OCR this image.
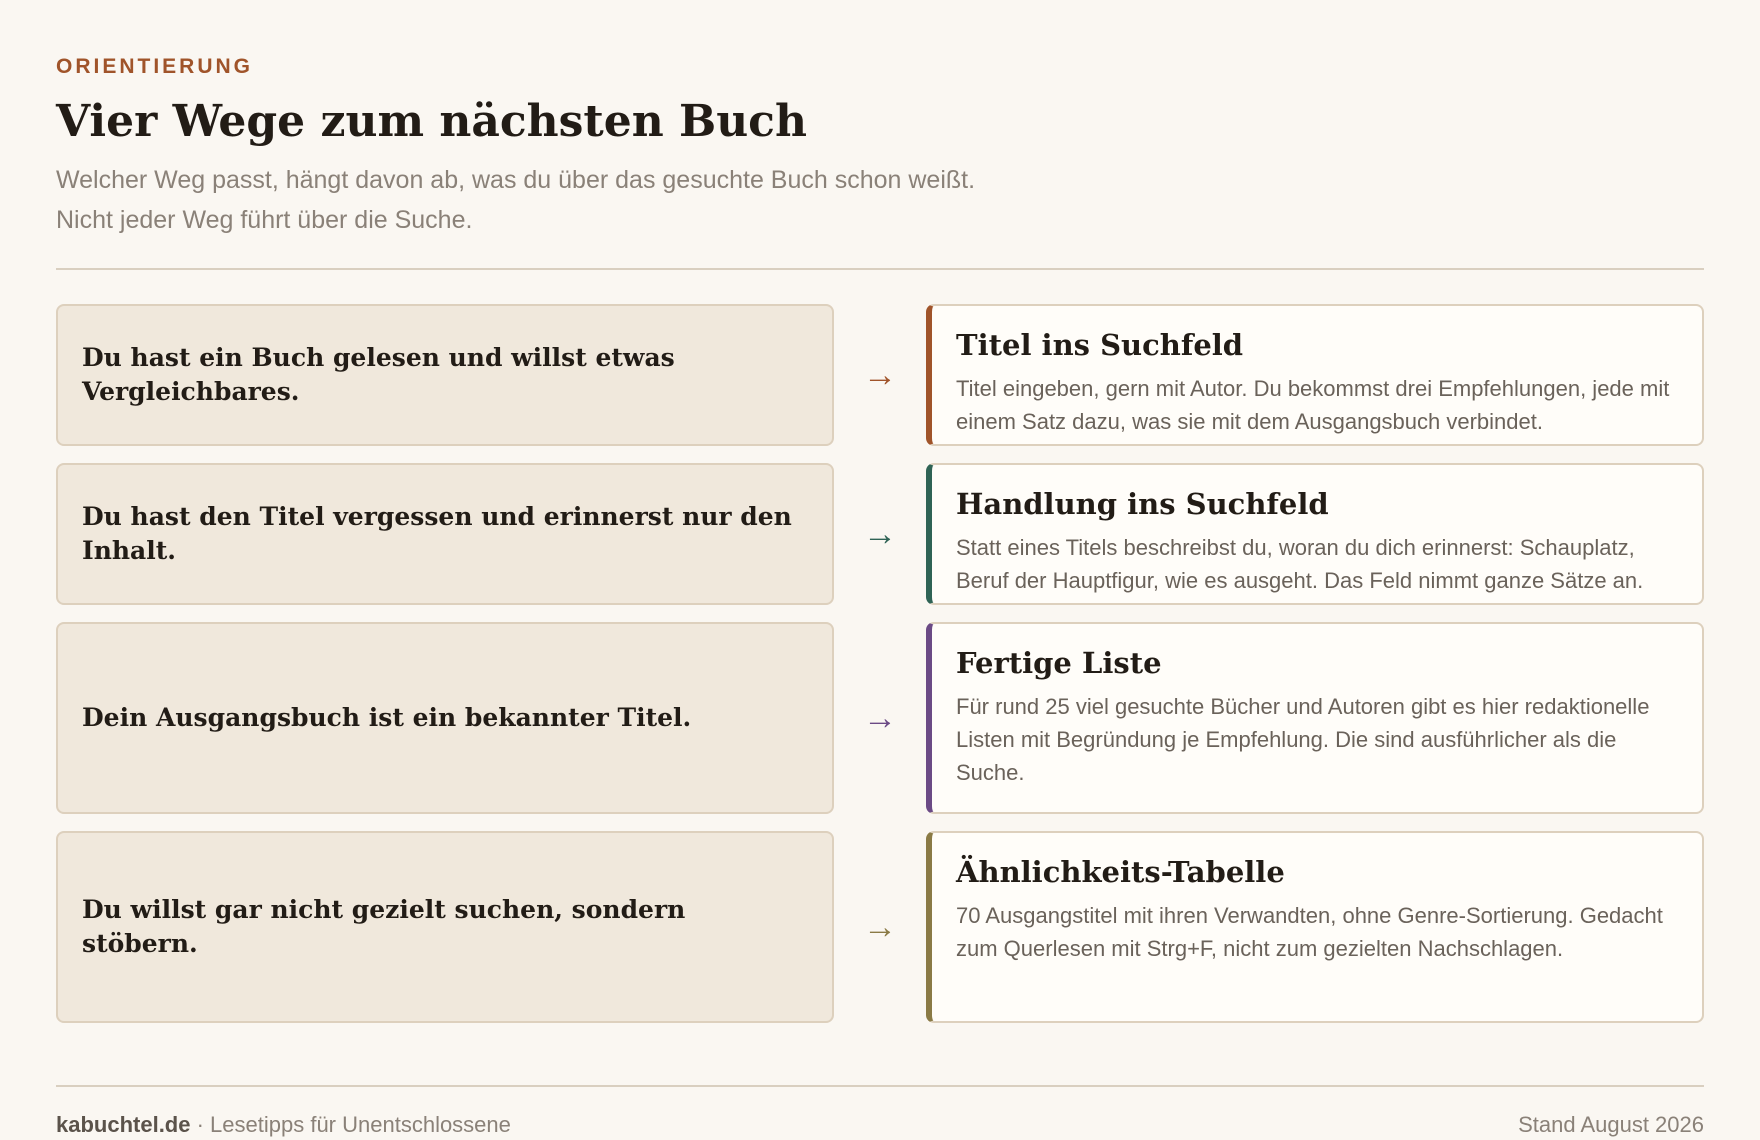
ORIENTIERUNG

Vier Wege zum nächsten Buch

Welcher Weg passt, hängt davon ab, was du über das gesuchte Buch schon weißt. Nicht jeder Weg führt über die Suche.

Du hast ein Buch gelesen und willst etwas Vergleichbares.	→
Titel ins Suchfeld

Titel eingeben, gern mit Autor. Du bekommst drei Empfehlungen, jede mit einem Satz dazu, was sie mit dem Ausgangsbuch verbindet.

Du hast den Titel vergessen und erinnerst nur den Inhalt.	→
Handlung ins Suchfeld

Statt eines Titels beschreibst du, woran du dich erinnerst: Schauplatz, Beruf der Hauptfigur, wie es ausgeht. Das Feld nimmt ganze Sätze an.

Dein Ausgangsbuch ist ein bekannter Titel.	→
Fertige Liste

Für rund 25 viel gesuchte Bücher und Autoren gibt es hier redaktionelle Listen mit Begründung je Empfehlung. Die sind ausführlicher als die Suche.

Du willst gar nicht gezielt suchen, sondern stöbern.	→
Ähnlichkeits-Tabelle

70 Ausgangstitel mit ihren Verwandten, ohne Genre-Sortierung. Gedacht zum Querlesen mit Strg+F, nicht zum gezielten Nachschlagen.

kabuchtel.de · Lesetipps für Unentschlossene	Stand August 2026
